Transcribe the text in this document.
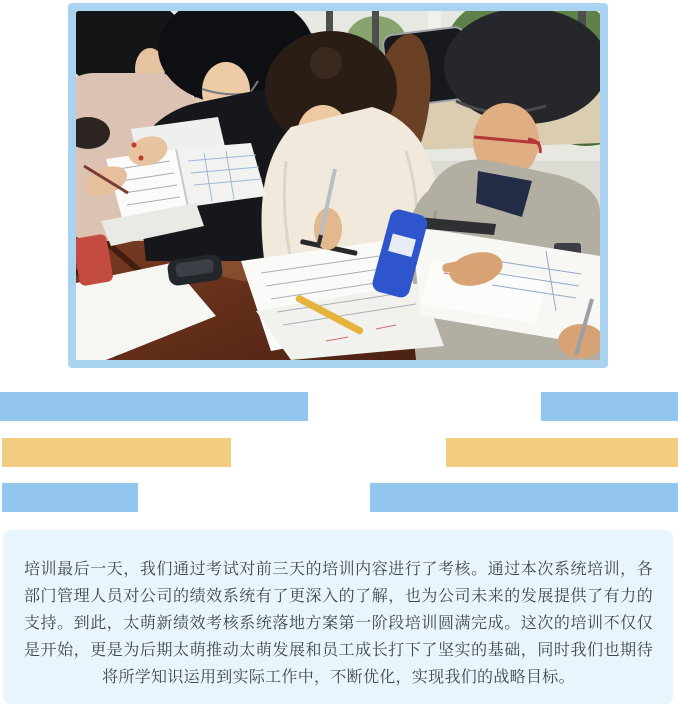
培训最后一天，我们通过考试对前三天的培训内容进行了考核。通过本次系统培训，各部门管理人员对公司的绩效系统有了更深入的了解，也为公司未来的发展提供了有力的支持。到此，太萌新绩效考核系统落地方案第一阶段培训圆满完成。这次的培训不仅仅是开始，更是为后期太萌推动太萌发展和员工成长打下了坚实的基础，同时我们也期待将所学知识运用到实际工作中，不断优化，实现我们的战略目标。
